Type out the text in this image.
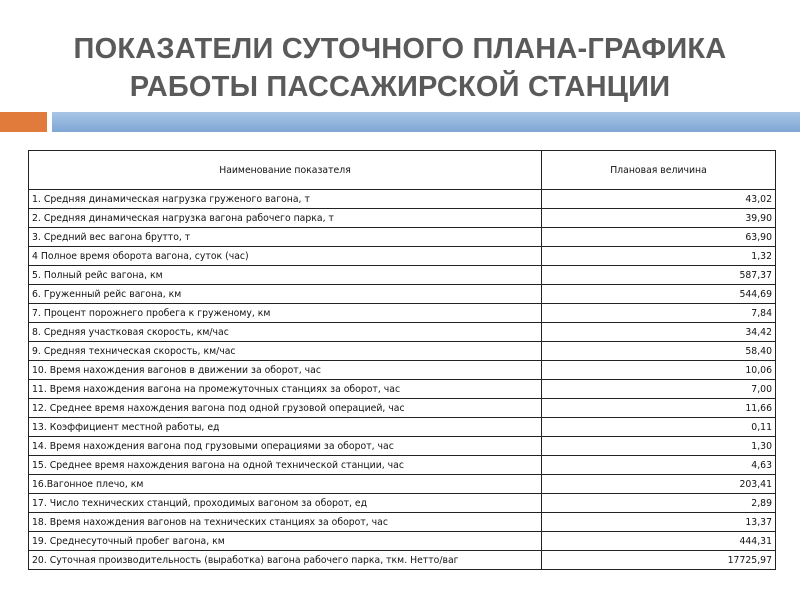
ПОКАЗАТЕЛИ СУТОЧНОГО ПЛАНА-ГРАФИКА
РАБОТЫ ПАССАЖИРСКОЙ СТАНЦИИ
Наименование показателя	Плановая величина
1. Средняя динамическая нагрузка груженого вагона, т	43,02
2. Средняя динамическая нагрузка вагона рабочего парка, т	39,90
3. Средний вес вагона брутто, т	63,90
4 Полное время оборота вагона, суток (час)	1,32
5. Полный рейс вагона, км	587,37
6. Груженный рейс вагона, км	544,69
7. Процент порожнего пробега к груженому, км	7,84
8. Средняя участковая скорость, км/час	34,42
9. Средняя техническая скорость, км/час	58,40
10. Время нахождения вагонов в движении за оборот, час	10,06
11. Время нахождения вагона на промежуточных станциях за оборот, час	7,00
12. Среднее время нахождения вагона под одной грузовой операцией, час	11,66
13. Коэффициент местной работы, ед	0,11
14. Время нахождения вагона под грузовыми операциями за оборот, час	1,30
15. Среднее время нахождения вагона на одной технической станции, час	4,63
16.Вагонное плечо, км	203,41
17. Число технических станций, проходимых вагоном за оборот, ед	2,89
18. Время нахождения вагонов на технических станциях за оборот, час	13,37
19. Среднесуточный пробег вагона, км	444,31
20. Суточная производительность (выработка) вагона рабочего парка, ткм. Нетто/ваг	17725,97
